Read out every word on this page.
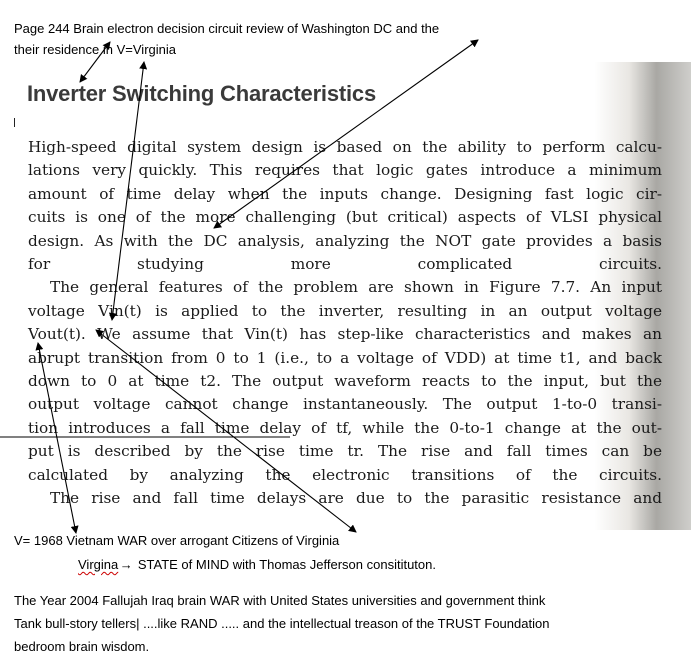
Page 244 Brain electron decision circuit review of Washington DC and the
their residence in V=Virginia
Inverter Switching Characteristics

High-speed digital system design is based on the ability to perform calcu-
lations very quickly. This requires that logic gates introduce a minimum
amount of time delay when the inputs change. Designing fast logic cir-
cuits is one of the more challenging (but critical) aspects of VLSI physical
design. As with the DC analysis, analyzing the NOT gate provides a basis
for studying more complicated circuits.

The general features of the problem are shown in Figure 7.7. An input
voltage Vin(t) is applied to the inverter, resulting in an output voltage
Vout(t). We assume that Vin(t) has step-like characteristics and makes an
abrupt transition from 0 to 1 (i.e., to a voltage of VDD) at time t1, and back
down to 0 at time t2. The output waveform reacts to the input, but the
output voltage cannot change instantaneously. The output 1-to-0 transi-
tion introduces a fall time delay of tf, while the 0-to-1 change at the out-
put is described by the rise time tr. The rise and fall times can be
calculated by analyzing the electronic transitions of the circuits.

The rise and fall time delays are due to the parasitic resistance and

V= 1968 Vietnam WAR over arrogant Citizens of Virginia
Virgina → STATE of MIND with Thomas Jefferson consitituton.
The Year 2004 Fallujah Iraq brain WAR with United States universities and government think
Tank bull-story tellers| ....like RAND ..... and the intellectual treason of the TRUST Foundation
bedroom brain wisdom.
